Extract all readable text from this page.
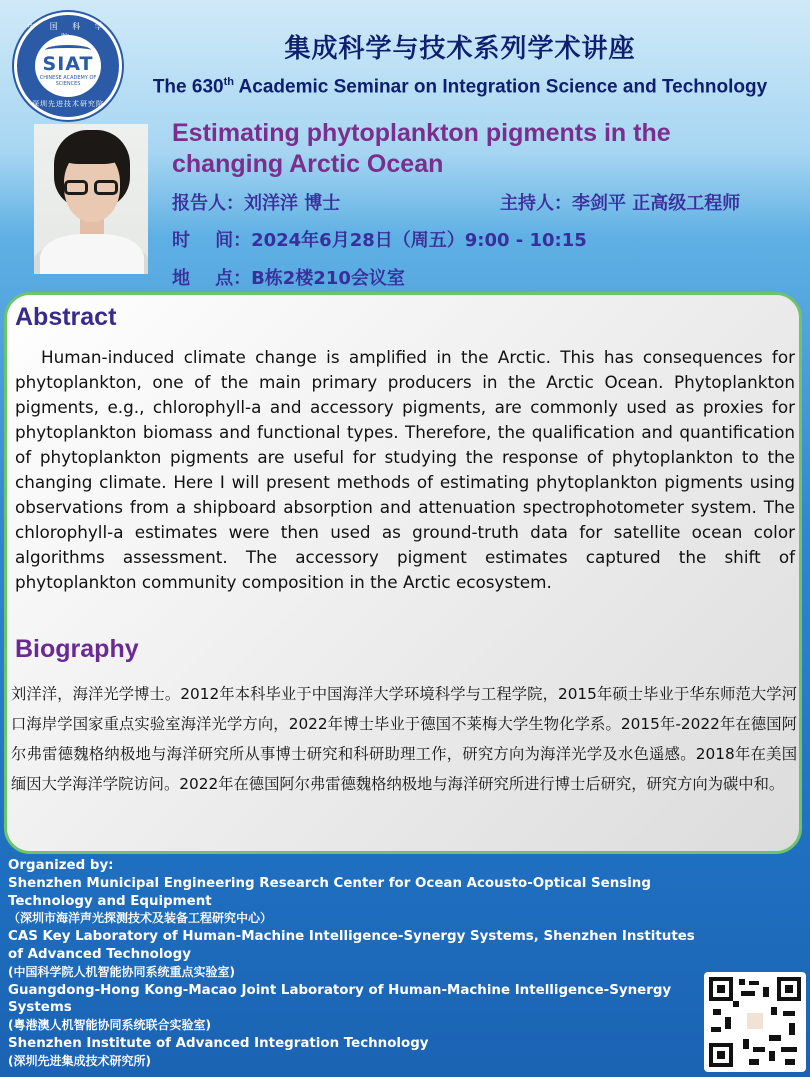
中 国 科 学
SIAT
CHINESE ACADEMY OF SCIENCES
深圳先进技术研究院
集成科学与技术系列学术讲座
The 630th Academic Seminar on Integration Science and Technology
Estimating phytoplankton pigments in the
changing Arctic Ocean
报告人：刘洋洋 博士	主持人：李剑平 正高级工程师
时    间：2024年6月28日（周五）9:00 - 10:15
地    点：B栋2楼210会议室
Abstract
Human-induced climate change is amplified in the Arctic. This has consequences for phytoplankton, one of the main primary producers in the Arctic Ocean. Phytoplankton pigments, e.g., chlorophyll-a and accessory pigments, are commonly used as proxies for phytoplankton biomass and functional types. Therefore, the qualification and quantification of phytoplankton pigments are useful for studying the response of phytoplankton to the changing climate. Here I will present methods of estimating phytoplankton pigments using observations from a shipboard absorption and attenuation spectrophotometer system. The chlorophyll-a estimates were then used as ground-truth data for satellite ocean color algorithms assessment. The accessory pigment estimates captured the shift of phytoplankton community composition in the Arctic ecosystem.
Biography
刘洋洋，海洋光学博士。2012年本科毕业于中国海洋大学环境科学与工程学院，2015年硕士毕业于华东师范大学河口海岸学国家重点实验室海洋光学方向，2022年博士毕业于德国不莱梅大学生物化学系。2015年-2022年在德国阿尔弗雷德魏格纳极地与海洋研究所从事博士研究和科研助理工作，研究方向为海洋光学及水色遥感。2018年在美国缅因大学海洋学院访问。2022年在德国阿尔弗雷德魏格纳极地与海洋研究所进行博士后研究，研究方向为碳中和。
Organized by:
Shenzhen Municipal Engineering Research Center for Ocean Acousto-Optical Sensing Technology and Equipment
（深圳市海洋声光探测技术及装备工程研究中心）
CAS Key Laboratory of Human-Machine Intelligence-Synergy Systems, Shenzhen Institutes of Advanced Technology
(中国科学院人机智能协同系统重点实验室)
Guangdong-Hong Kong-Macao Joint Laboratory of Human-Machine Intelligence-Synergy Systems
(粤港澳人机智能协同系统联合实验室)
Shenzhen Institute of Advanced Integration Technology
(深圳先进集成技术研究所)
